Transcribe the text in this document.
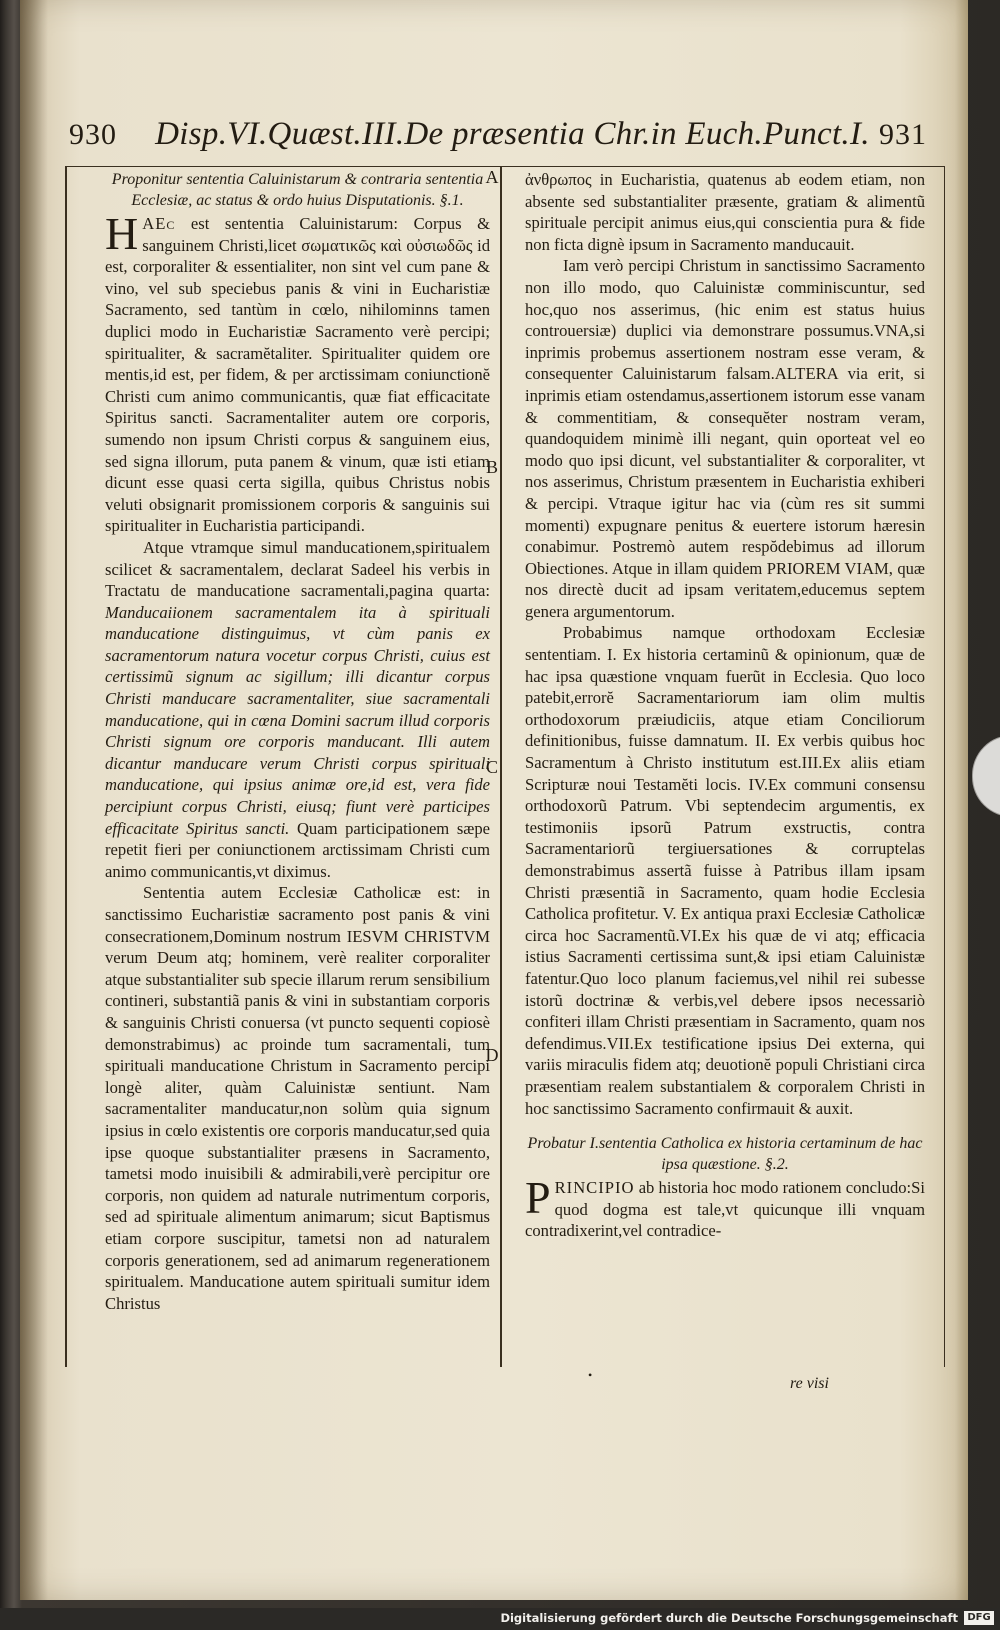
930 Disp.VI.Quæst.III.De præsentia Chr.in Euch.Punct.I. 931

Proponitur sententia Caluinistarum & contraria sententia Ecclesiæ, ac status & ordo huius Disputationis. §.1.

H AEc est sententia Caluinistarum: Corpus & sanguinem Christi,licet σωματικῶς καὶ οὐσιωδῶς id est, corporaliter & essentialiter, non sint vel cum pane & vino, vel sub speciebus panis & vini in Eucharistiæ Sacramento, sed tantùm in cœlo, nihilominns tamen duplici modo in Eucharistiæ Sacramento verè percipi; spiritualiter, & sacramĕtaliter. Spiritualiter quidem ore mentis,id est, per fidem, & per arctissimam coniunctionĕ Christi cum animo communicantis, quæ fiat efficacitate Spiritus sancti. Sacramentaliter autem ore corporis, sumendo non ipsum Christi corpus & sanguinem eius, sed signa illorum, puta panem & vinum, quæ isti etiam dicunt esse quasi certa sigilla, quibus Christus nobis veluti obsignarit promissionem corporis & sanguinis sui spiritualiter in Eucharistia participandi.

Atque vtramque simul manducationem,spiritualem scilicet & sacramentalem, declarat Sadeel his verbis in Tractatu de manducatione sacramentali,pagina quarta: Manducaiionem sacramentalem ita à spirituali manducatione distinguimus, vt cùm panis ex sacramentorum natura vocetur corpus Christi, cuius est certissimũ signum ac sigillum; illi dicantur corpus Christi manducare sacramentaliter, siue sacramentali manducatione, qui in cœna Domini sacrum illud corporis Christi signum ore corporis manducant. Illi autem dicantur manducare verum Christi corpus spirituali manducatione, qui ipsius animæ ore,id est, vera fide percipiunt corpus Christi, eiusq; fiunt verè participes efficacitate Spiritus sancti. Quam participationem sæpe repetit fieri per coniunctionem arctissimam Christi cum animo communicantis,vt diximus.

Sententia autem Ecclesiæ Catholicæ est: in sanctissimo Eucharistiæ sacramento post panis & vini consecrationem,Dominum nostrum IESVM CHRISTVM verum Deum atq; hominem, verè realiter corporaliter atque substantialiter sub specie illarum rerum sensibilium contineri, substantiã panis & vini in substantiam corporis & sanguinis Christi conuersa (vt puncto sequenti copiosè demonstrabimus) ac proinde tum sacramentali, tum spirituali manducatione Christum in Sacramento percipi longè aliter, quàm Caluinistæ sentiunt. Nam sacramentaliter manducatur,non solùm quia signum ipsius in cœlo existentis ore corporis manducatur,sed quia ipse quoque substantialiter præsens in Sacramento, tametsi modo inuisibili & admirabili,verè percipitur ore corporis, non quidem ad naturale nutrimentum corporis, sed ad spirituale alimentum animarum; sicut Baptismus etiam corpore suscipitur, tametsi non ad naturalem corporis generationem, sed ad animarum regenerationem spiritualem. Manducatione autem spirituali sumitur idem Christus

ἀνθρωπος in Eucharistia, quatenus ab eodem etiam, non absente sed substantialiter præsente, gratiam & alimentũ spirituale percipit animus eius,qui conscientia pura & fide non ficta dignè ipsum in Sacramento manducauit.

Iam verò percipi Christum in sanctissimo Sacramento non illo modo, quo Caluinistæ comminiscuntur, sed hoc,quo nos asserimus, (hic enim est status huius controuersiæ) duplici via demonstrare possumus.VNA,si inprimis probemus assertionem nostram esse veram, & consequenter Caluinistarum falsam.ALTERA via erit, si inprimis etiam ostendamus,assertionem istorum esse vanam & commentitiam, & consequĕter nostram veram, quandoquidem minimè illi negant, quin oporteat vel eo modo quo ipsi dicunt, vel substantialiter & corporaliter, vt nos asserimus, Christum præsentem in Eucharistia exhiberi & percipi. Vtraque igitur hac via (cùm res sit summi momenti) expugnare penitus & euertere istorum hæresin conabimur. Postremò autem respŏdebimus ad illorum Obiectiones. Atque in illam quidem PRIOREM VIAM, quæ nos directè ducit ad ipsam veritatem,educemus septem genera argumentorum.

Probabimus namque orthodoxam Ecclesiæ sententiam. I. Ex historia certaminũ & opinionum, quæ de hac ipsa quæstione vnquam fuerũt in Ecclesia. Quo loco patebit,errorĕ Sacramentariorum iam olim multis orthodoxorum præiudiciis, atque etiam Conciliorum definitionibus, fuisse damnatum. II. Ex verbis quibus hoc Sacramentum à Christo institutum est.III.Ex aliis etiam Scripturæ noui Testamĕti locis. IV.Ex communi consensu orthodoxorũ Patrum. Vbi septendecim argumentis, ex testimoniis ipsorũ Patrum exstructis, contra Sacramentariorũ tergiuersationes & corruptelas demonstrabimus assertã fuisse à Patribus illam ipsam Christi præsentiã in Sacramento, quam hodie Ecclesia Catholica profitetur. V. Ex antiqua praxi Ecclesiæ Catholicæ circa hoc Sacramentũ.VI.Ex his quæ de vi atq; efficacia istius Sacramenti certissima sunt,& ipsi etiam Caluinistæ fatentur.Quo loco planum faciemus,vel nihil rei subesse istorũ doctrinæ & verbis,vel debere ipsos necessariò confiteri illam Christi præsentiam in Sacramento, quam nos defendimus.VII.Ex testificatione ipsius Dei externa, qui variis miraculis fidem atq; deuotionĕ populi Christiani circa præsentiam realem substantialem & corporalem Christi in hoc sanctissimo Sacramento confirmauit & auxit.

Probatur I.sententia Catholica ex historia certaminum de hac ipsa quæstione. §.2.

PRINCIPIO ab historia hoc modo rationem concludo:Si quod dogma est tale,vt quicunque illi vnquam contradixerint,vel contradice-

A
B
C
D
•	re visi
Digitalisierung gefördert durch die Deutsche Forschungsgemeinschaft DFG
